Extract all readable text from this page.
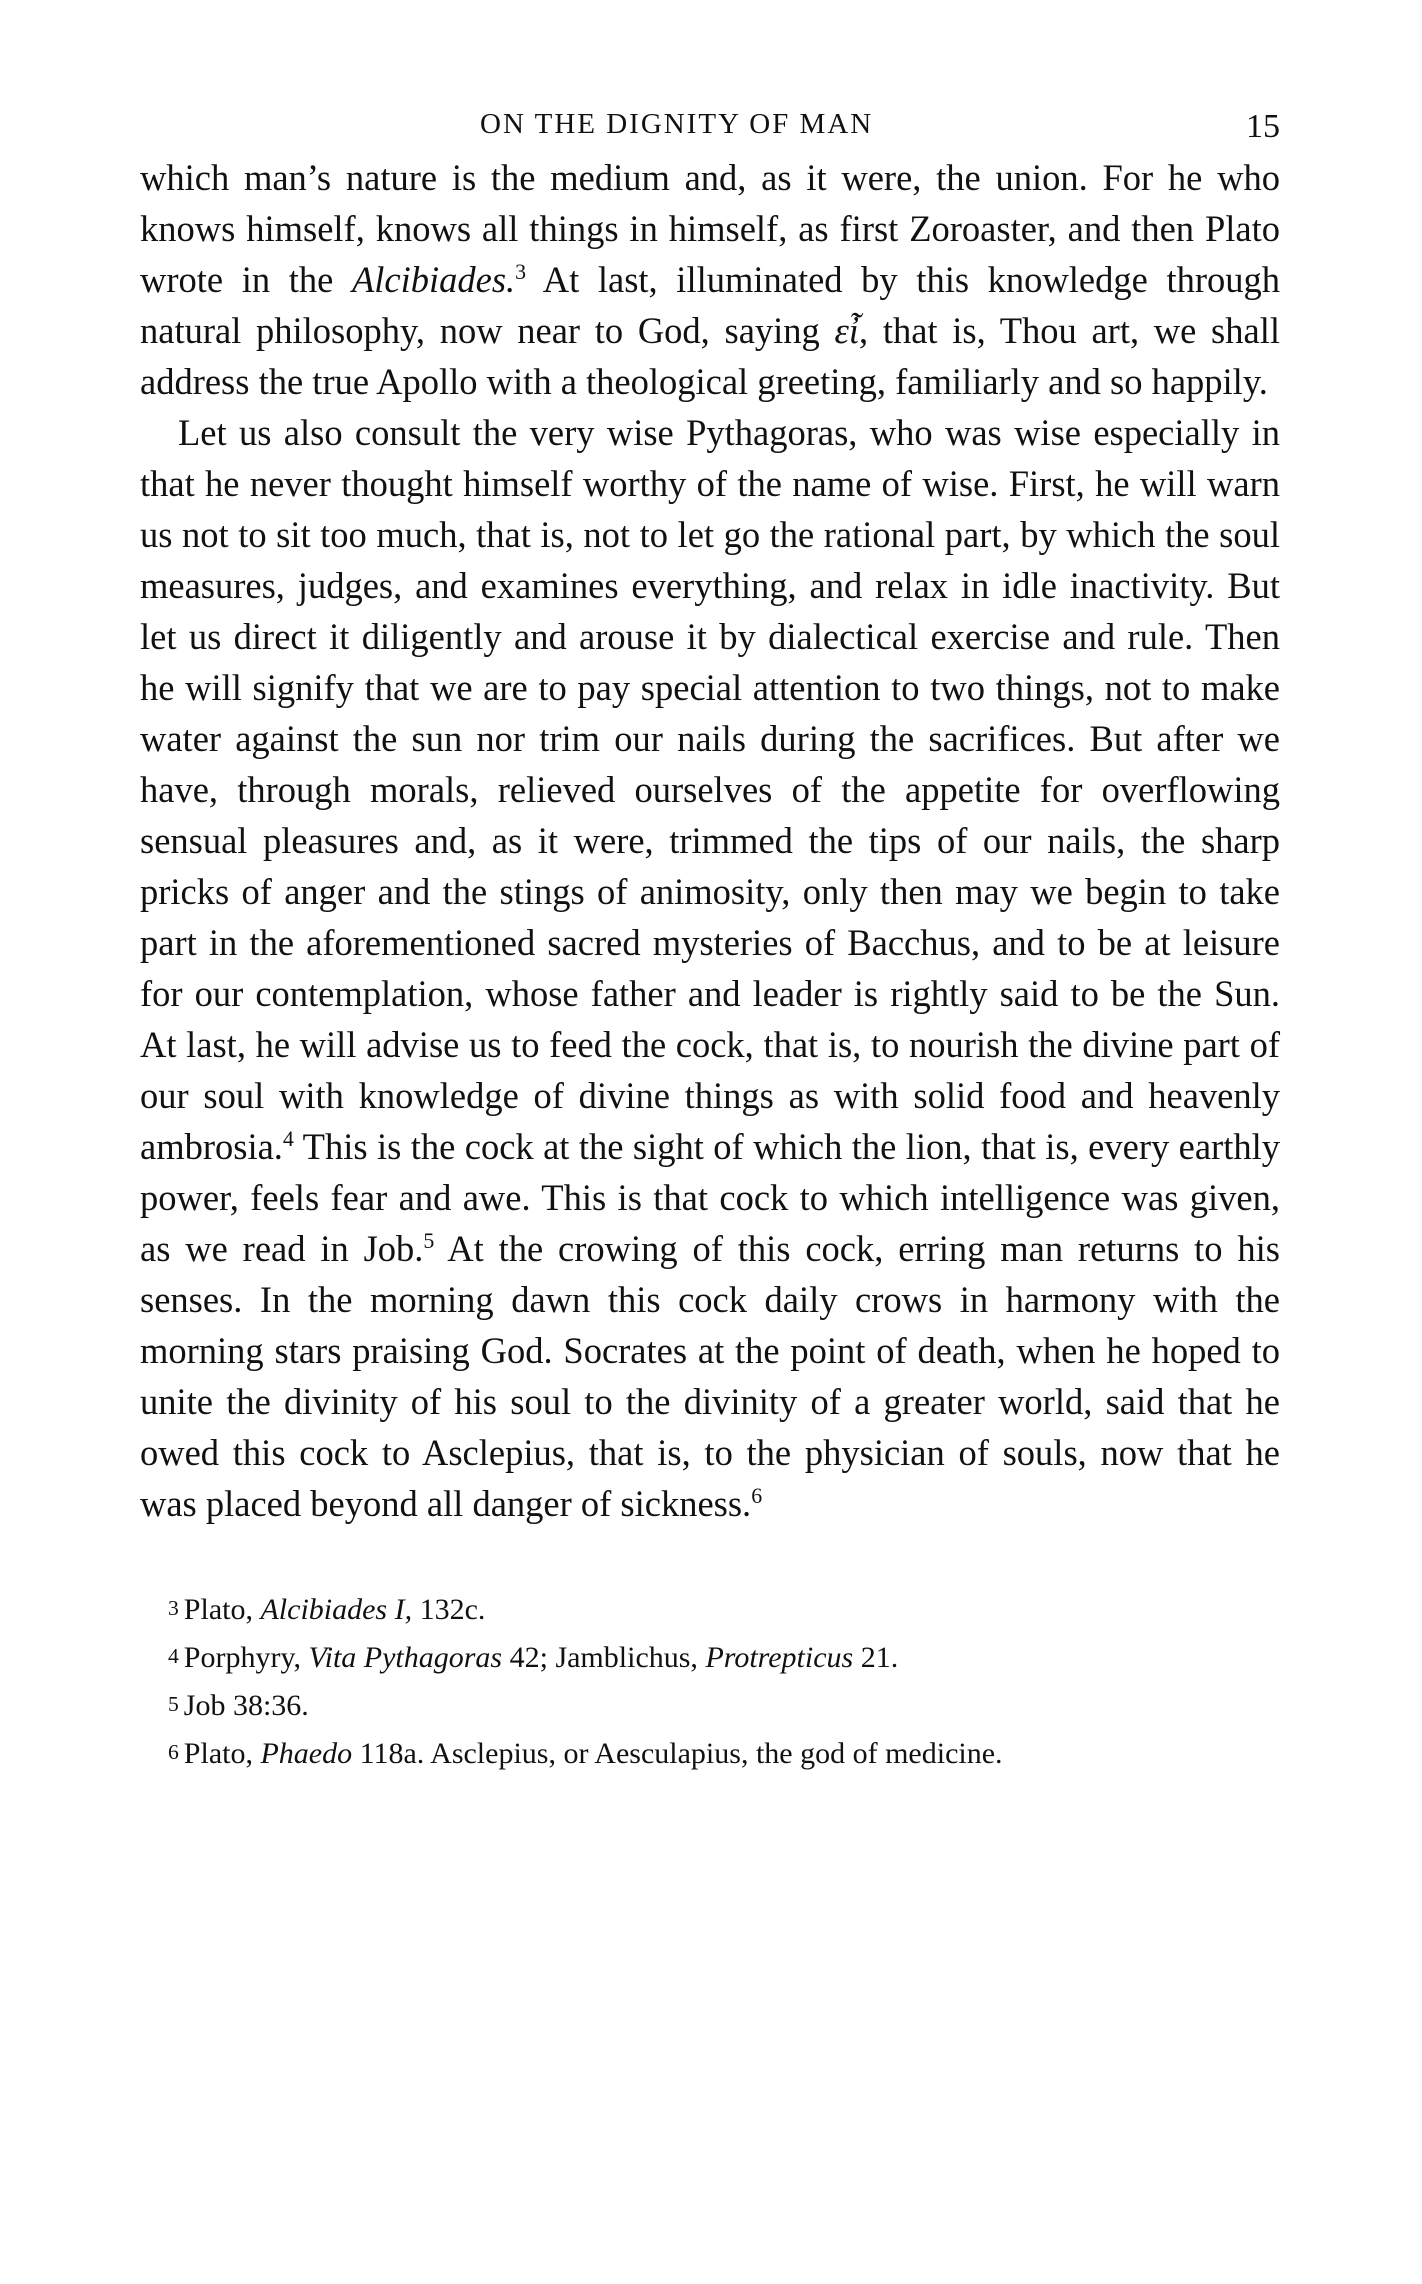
ON THE DIGNITY OF MAN	15

which man’s nature is the medium and, as it were, the union. For he who knows himself, knows all things in himself, as first Zoroaster, and then Plato wrote in the Alcibiades.$^3$ At last, illuminated by this knowledge through natural philosophy, now near to God, saying εἶ, that is, Thou art, we shall address the true Apollo with a theological greeting, familiarly and so happily.

Let us also consult the very wise Pythagoras, who was wise especially in that he never thought himself worthy of the name of wise. First, he will warn us not to sit too much, that is, not to let go the rational part, by which the soul measures, judges, and examines everything, and relax in idle inactivity. But let us direct it diligently and arouse it by dialectical exercise and rule. Then he will signify that we are to pay special attention to two things, not to make water against the sun nor trim our nails during the sacrifices. But after we have, through morals, relieved ourselves of the appetite for overflowing sensual pleasures and, as it were, trimmed the tips of our nails, the sharp pricks of anger and the stings of animosity, only then may we begin to take part in the aforementioned sacred mysteries of Bacchus, and to be at leisure for our contemplation, whose father and leader is rightly said to be the Sun. At last, he will advise us to feed the cock, that is, to nourish the divine part of our soul with knowledge of divine things as with solid food and heavenly ambrosia.$^4$ This is the cock at the sight of which the lion, that is, every earthly power, feels fear and awe. This is that cock to which intelligence was given, as we read in Job.$^5$ At the crowing of this cock, erring man returns to his senses. In the morning dawn this cock daily crows in harmony with the morning stars praising God. Socrates at the point of death, when he hoped to unite the divinity of his soul to the divinity of a greater world, said that he owed this cock to Asclepius, that is, to the physician of souls, now that he was placed beyond all danger of sickness.$^6$

3 Plato, Alcibiades I, 132c.

4 Porphyry, Vita Pythagoras 42; Jamblichus, Protrepticus 21.

5 Job 38:36.

6 Plato, Phaedo 118a. Asclepius, or Aesculapius, the god of medicine.
